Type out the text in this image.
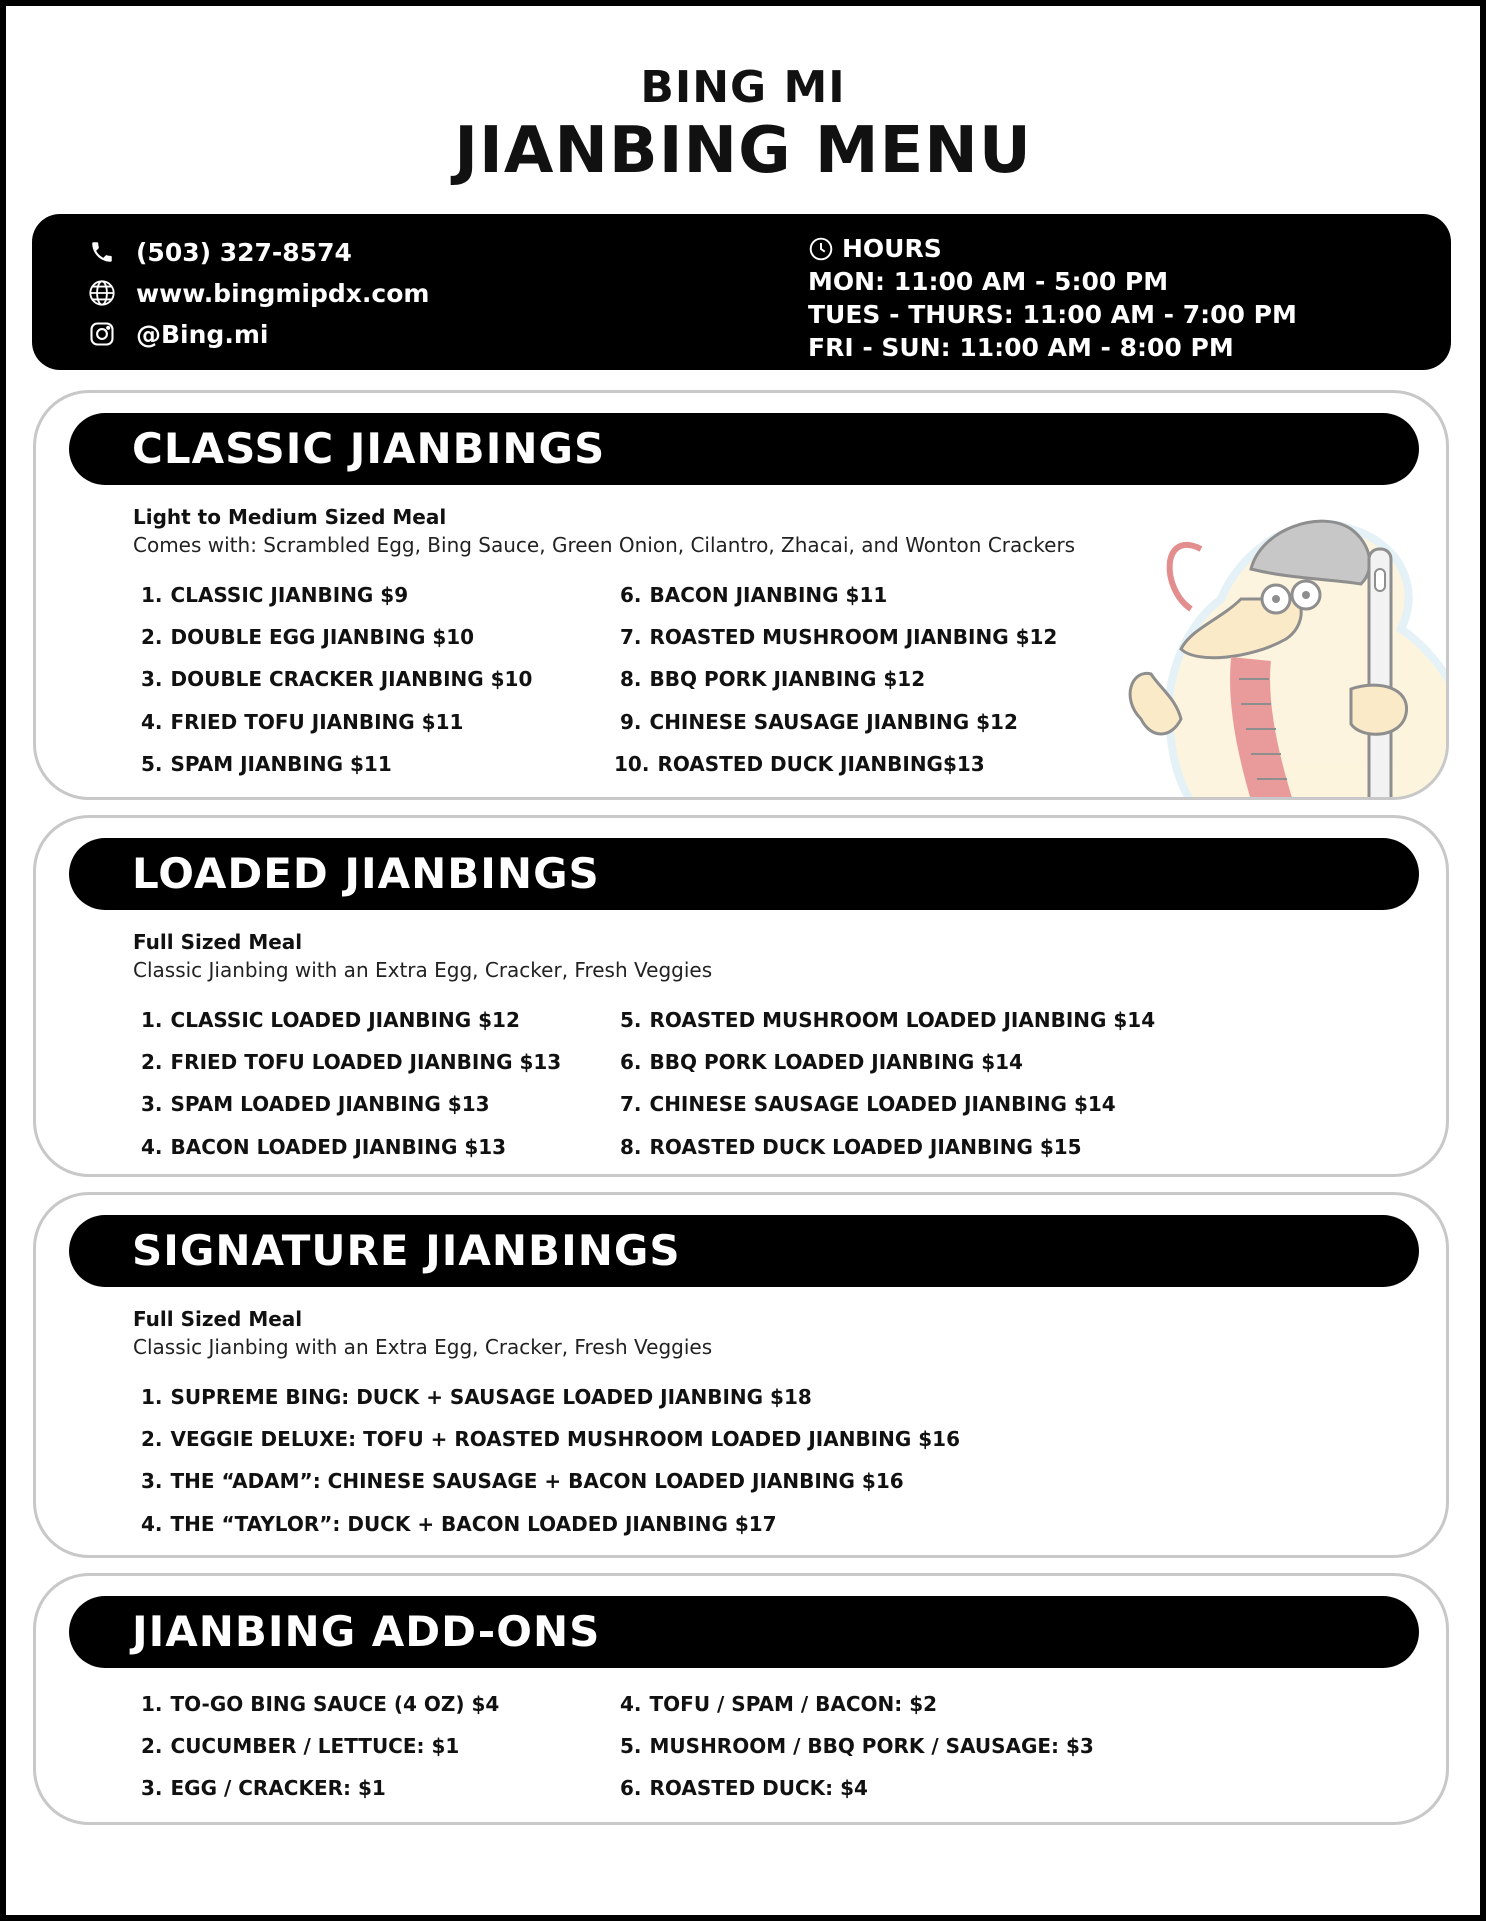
BING MI
JIANBING MENU
(503) 327-8574
www.bingmipdx.com
@Bing.mi
HOURS
MON: 11:00 AM - 5:00 PM
TUES - THURS: 11:00 AM - 7:00 PM
FRI - SUN: 11:00 AM - 8:00 PM
CLASSIC JIANBINGS
Light to Medium Sized Meal
Comes with: Scrambled Egg, Bing Sauce, Green Onion, Cilantro, Zhacai, and Wonton Crackers
1. CLASSIC JIANBING $9
2. DOUBLE EGG JIANBING $10
3. DOUBLE CRACKER JIANBING $10
4. FRIED TOFU JIANBING $11
5. SPAM JIANBING $11
6. BACON JIANBING $11
7. ROASTED MUSHROOM JIANBING $12
8. BBQ PORK JIANBING $12
9. CHINESE SAUSAGE JIANBING $12
10. ROASTED DUCK JIANBING$13
LOADED JIANBINGS
Full Sized Meal
Classic Jianbing with an Extra Egg, Cracker, Fresh Veggies
1. CLASSIC LOADED JIANBING $12
2. FRIED TOFU LOADED JIANBING $13
3. SPAM LOADED JIANBING $13
4. BACON LOADED JIANBING $13
5. ROASTED MUSHROOM LOADED JIANBING $14
6. BBQ PORK LOADED JIANBING $14
7. CHINESE SAUSAGE LOADED JIANBING $14
8. ROASTED DUCK LOADED JIANBING $15
SIGNATURE JIANBINGS
Full Sized Meal
Classic Jianbing with an Extra Egg, Cracker, Fresh Veggies
1. SUPREME BING: DUCK + SAUSAGE LOADED JIANBING $18
2. VEGGIE DELUXE: TOFU + ROASTED MUSHROOM LOADED JIANBING $16
3. THE “ADAM”: CHINESE SAUSAGE + BACON LOADED JIANBING $16
4. THE “TAYLOR”: DUCK + BACON LOADED JIANBING $17
JIANBING ADD-ONS
1. TO-GO BING SAUCE (4 OZ) $4
2. CUCUMBER / LETTUCE: $1
3. EGG / CRACKER: $1
4. TOFU / SPAM / BACON: $2
5. MUSHROOM / BBQ PORK / SAUSAGE: $3
6. ROASTED DUCK: $4
